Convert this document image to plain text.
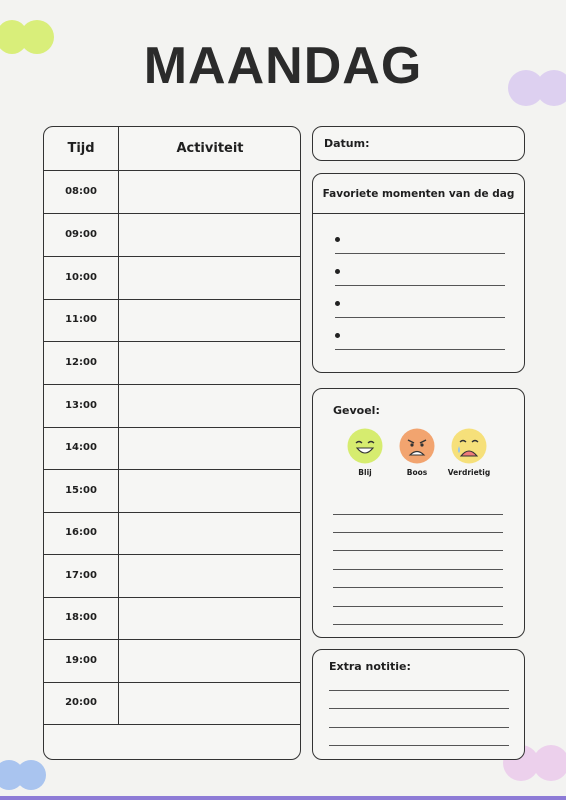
MAANDAG
Tijd	Activiteit
08:00
09:00
10:00
11:00
12:00
13:00
14:00
15:00
16:00
17:00
18:00
19:00
20:00
Datum:
Favoriete momenten van de dag
Gevoel:
Blij	Boos	Verdrietig
Extra notitie:
